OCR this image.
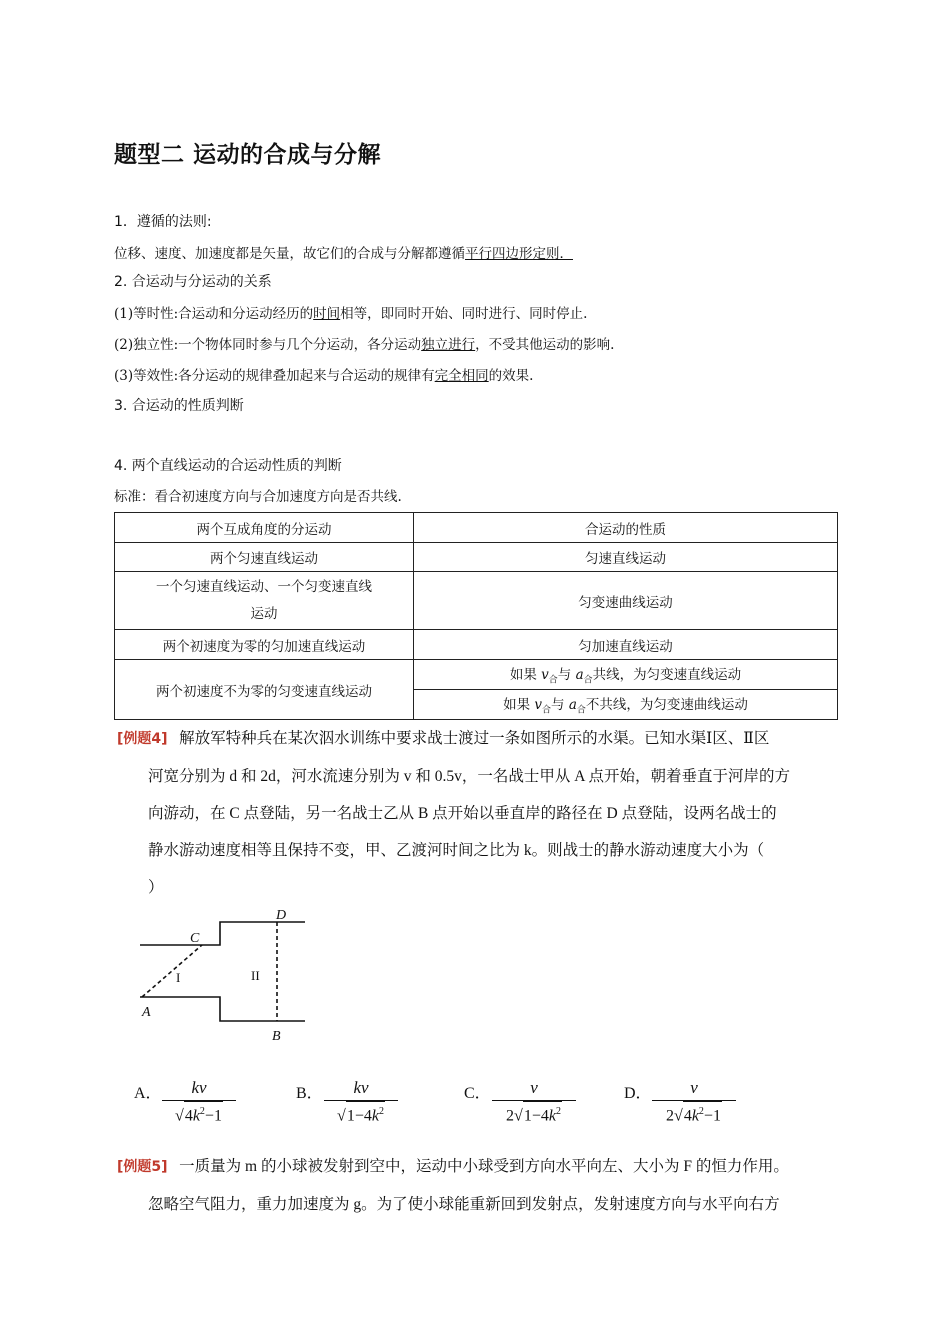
题型二 运动的合成与分解
1．遵循的法则:
位移、速度、加速度都是矢量，故它们的合成与分解都遵循平行四边形定则．
2. 合运动与分运动的关系
(1)等时性:合运动和分运动经历的时间相等，即同时开始、同时进行、同时停止.
(2)独立性:一个物体同时参与几个分运动，各分运动独立进行，不受其他运动的影响.
(3)等效性:各分运动的规律叠加起来与合运动的规律有完全相同的效果.
3. 合运动的性质判断
4. 两个直线运动的合运动性质的判断
标准：看合初速度方向与合加速度方向是否共线.
两个互成角度的分运动	合运动的性质
两个匀速直线运动	匀速直线运动
一个匀速直线运动、一个匀变速直线
运动	匀变速曲线运动
两个初速度为零的匀加速直线运动	匀加速直线运动
两个初速度不为零的匀变速直线运动	如果 $v_合$与 $a_合$共线，为匀变速直线运动
	如果 $v_合$与 $a_合$不共线，为匀变速曲线运动
[例题4] 解放军特种兵在某次泅水训练中要求战士渡过一条如图所示的水渠。已知水渠Ⅰ区、Ⅱ区
河宽分别为 d 和 2d，河水流速分别为 v 和 0.5v，一名战士甲从 A 点开始，朝着垂直于河岸的方
向游动，在 C 点登陆，另一名战士乙从 B 点开始以垂直岸的路径在 D 点登陆，设两名战士的
静水游动速度相等且保持不变，甲、乙渡河时间之比为 k。则战士的静水游动速度大小为（
）
C
D
A
B
I	II
A．	kv
$√4k^2-1$
B．	kv
$√1-4k^2$
C．	v
$2√1-4k^2$
D．	v
$2√4k^2-1$
[例题5] 一质量为 m 的小球被发射到空中，运动中小球受到方向水平向左、大小为 F 的恒力作用。
忽略空气阻力，重力加速度为 g。为了使小球能重新回到发射点，发射速度方向与水平向右方
